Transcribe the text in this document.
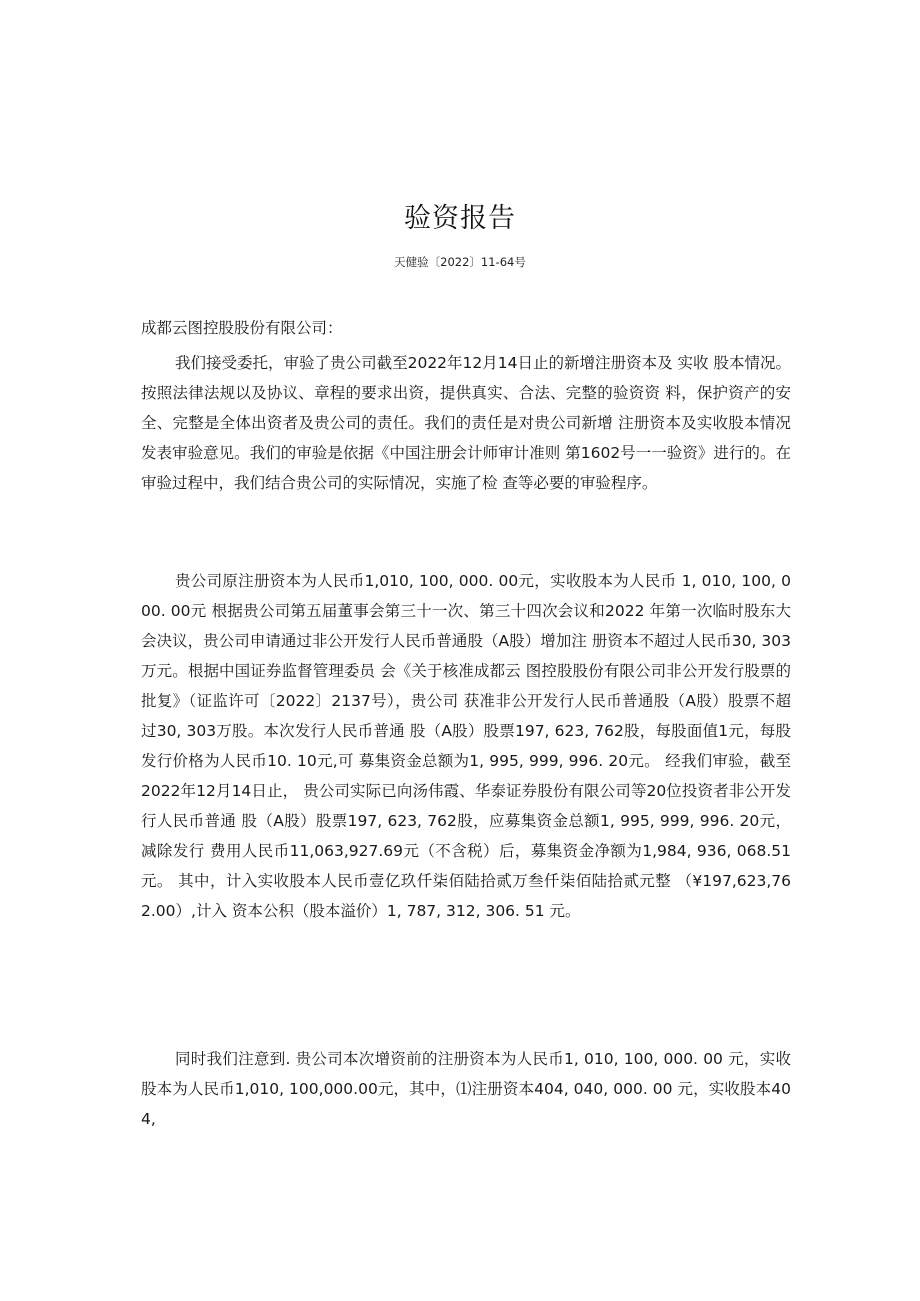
验资报告
天健验〔2022〕11-64号
成都云图控股股份有限公司：
我们接受委托，审验了贵公司截至2022年12月14日止的新增注册资本及 实收 股本情况。按照法律法规以及协议、章程的要求出资，提供真实、合法、完整的验资资 料，保护资产的安全、完整是全体出资者及贵公司的责任。我们的责任是对贵公司新增 注册资本及实收股本情况发表审验意见。我们的审验是依据《中国注册会计师审计准则 第1602号一一验资》进行的。在审验过程中，我们结合贵公司的实际情况，实施了检 查等必要的审验程序。
贵公司原注册资本为人民币1,010, 100, 000. 00元，实收股本为人民币 1, 010, 100, 000. 00元 根据贵公司第五届董事会第三十一次、第三十四次会议和2022 年第一次临时股东大会决议，贵公司申请通过非公开发行人民币普通股（A股）增加注 册资本不超过人民币30, 303万元。根据中国证券监督管理委员 会《关于核准成都云 图控股股份有限公司非公开发行股票的批复》（证监许可〔2022〕2137号），贵公司 获准非公开发行人民币普通股（A股）股票不超过30, 303万股。本次发行人民币普通 股（A股）股票197, 623, 762股，每股面值1元，每股发行价格为人民币10. 10元,可 募集资金总额为1, 995, 999, 996. 20元。 经我们审验，截至2022年12月14日止， 贵公司实际已向汤伟霞、华泰证券股份有限公司等20位投资者非公开发行人民币普通 股（A股）股票197, 623, 762股，应募集资金总额1, 995, 999, 996. 20元，减除发行 费用人民币11,063,927.69元（不含税）后，募集资金净额为1,984, 936, 068.51元。 其中，计入实收股本人民币壹亿玖仟柒佰陆拾贰万叁仟柒佰陆拾贰元整 （¥197,623,762.00）,计入 资本公积（股本溢价）1, 787, 312, 306. 51 元。
同时我们注意到. 贵公司本次增资前的注册资本为人民币1, 010, 100, 000. 00 元，实收股本为人民币1,010, 100,000.00元，其中，⑴注册资本404, 040, 000. 00 元，实收股本404,
